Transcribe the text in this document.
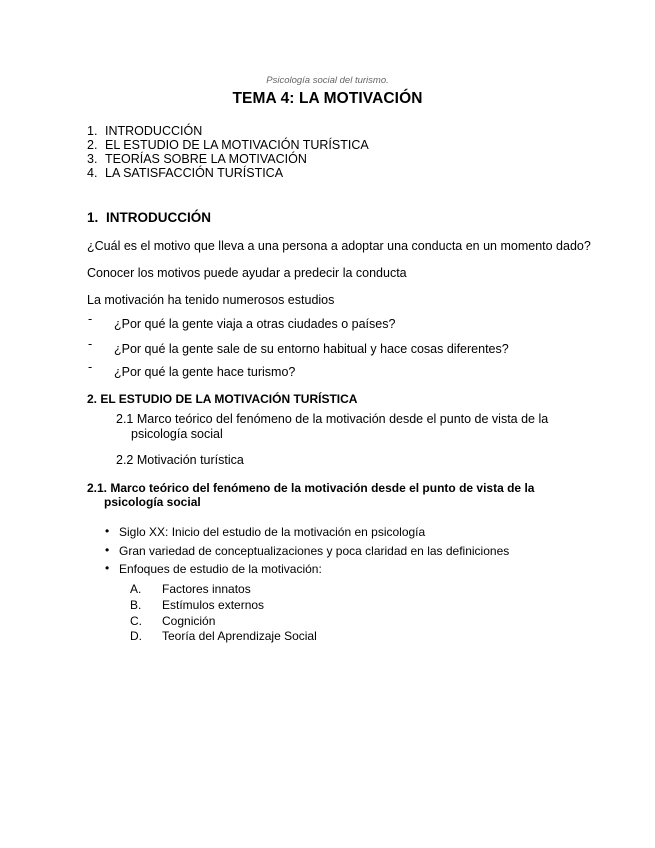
Psicología social del turismo.
TEMA 4: LA MOTIVACIÓN
1. INTRODUCCIÓN
2. EL ESTUDIO DE LA MOTIVACIÓN TURÍSTICA
3. TEORÍAS SOBRE LA MOTIVACIÓN
4. LA SATISFACCIÓN TURÍSTICA
1. INTRODUCCIÓN
¿Cuál es el motivo que lleva a una persona a adoptar una conducta en un momento dado?
Conocer los motivos puede ayudar a predecir la conducta
La motivación ha tenido numerosos estudios
- ¿Por qué la gente viaja a otras ciudades o países?
- ¿Por qué la gente sale de su entorno habitual y hace cosas diferentes?
- ¿Por qué la gente hace turismo?
2. EL ESTUDIO DE LA MOTIVACIÓN TURÍSTICA
2.1 Marco teórico del fenómeno de la motivación desde el punto de vista de la
psicología social
2.2 Motivación turística
2.1. Marco teórico del fenómeno de la motivación desde el punto de vista de la
psicología social
• Siglo XX: Inicio del estudio de la motivación en psicología
• Gran variedad de conceptualizaciones y poca claridad en las definiciones
• Enfoques de estudio de la motivación:
A.	Factores innatos
B.	Estímulos externos
C.	Cognición
D.	Teoría del Aprendizaje Social
